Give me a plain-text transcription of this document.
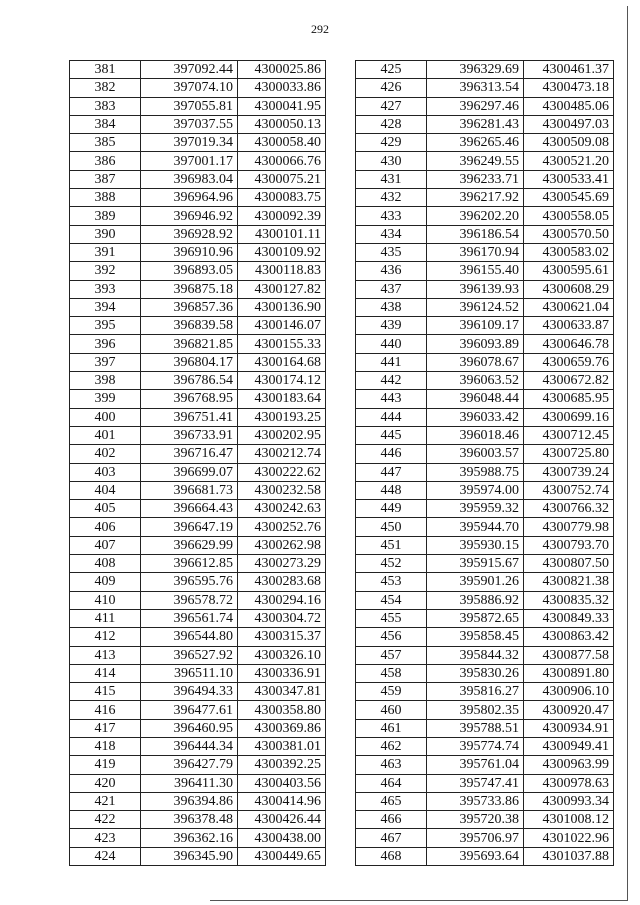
292
381	397092.44	4300025.86
382	397074.10	4300033.86
383	397055.81	4300041.95
384	397037.55	4300050.13
385	397019.34	4300058.40
386	397001.17	4300066.76
387	396983.04	4300075.21
388	396964.96	4300083.75
389	396946.92	4300092.39
390	396928.92	4300101.11
391	396910.96	4300109.92
392	396893.05	4300118.83
393	396875.18	4300127.82
394	396857.36	4300136.90
395	396839.58	4300146.07
396	396821.85	4300155.33
397	396804.17	4300164.68
398	396786.54	4300174.12
399	396768.95	4300183.64
400	396751.41	4300193.25
401	396733.91	4300202.95
402	396716.47	4300212.74
403	396699.07	4300222.62
404	396681.73	4300232.58
405	396664.43	4300242.63
406	396647.19	4300252.76
407	396629.99	4300262.98
408	396612.85	4300273.29
409	396595.76	4300283.68
410	396578.72	4300294.16
411	396561.74	4300304.72
412	396544.80	4300315.37
413	396527.92	4300326.10
414	396511.10	4300336.91
415	396494.33	4300347.81
416	396477.61	4300358.80
417	396460.95	4300369.86
418	396444.34	4300381.01
419	396427.79	4300392.25
420	396411.30	4300403.56
421	396394.86	4300414.96
422	396378.48	4300426.44
423	396362.16	4300438.00
424	396345.90	4300449.65
425	396329.69	4300461.37
426	396313.54	4300473.18
427	396297.46	4300485.06
428	396281.43	4300497.03
429	396265.46	4300509.08
430	396249.55	4300521.20
431	396233.71	4300533.41
432	396217.92	4300545.69
433	396202.20	4300558.05
434	396186.54	4300570.50
435	396170.94	4300583.02
436	396155.40	4300595.61
437	396139.93	4300608.29
438	396124.52	4300621.04
439	396109.17	4300633.87
440	396093.89	4300646.78
441	396078.67	4300659.76
442	396063.52	4300672.82
443	396048.44	4300685.95
444	396033.42	4300699.16
445	396018.46	4300712.45
446	396003.57	4300725.80
447	395988.75	4300739.24
448	395974.00	4300752.74
449	395959.32	4300766.32
450	395944.70	4300779.98
451	395930.15	4300793.70
452	395915.67	4300807.50
453	395901.26	4300821.38
454	395886.92	4300835.32
455	395872.65	4300849.33
456	395858.45	4300863.42
457	395844.32	4300877.58
458	395830.26	4300891.80
459	395816.27	4300906.10
460	395802.35	4300920.47
461	395788.51	4300934.91
462	395774.74	4300949.41
463	395761.04	4300963.99
464	395747.41	4300978.63
465	395733.86	4300993.34
466	395720.38	4301008.12
467	395706.97	4301022.96
468	395693.64	4301037.88
